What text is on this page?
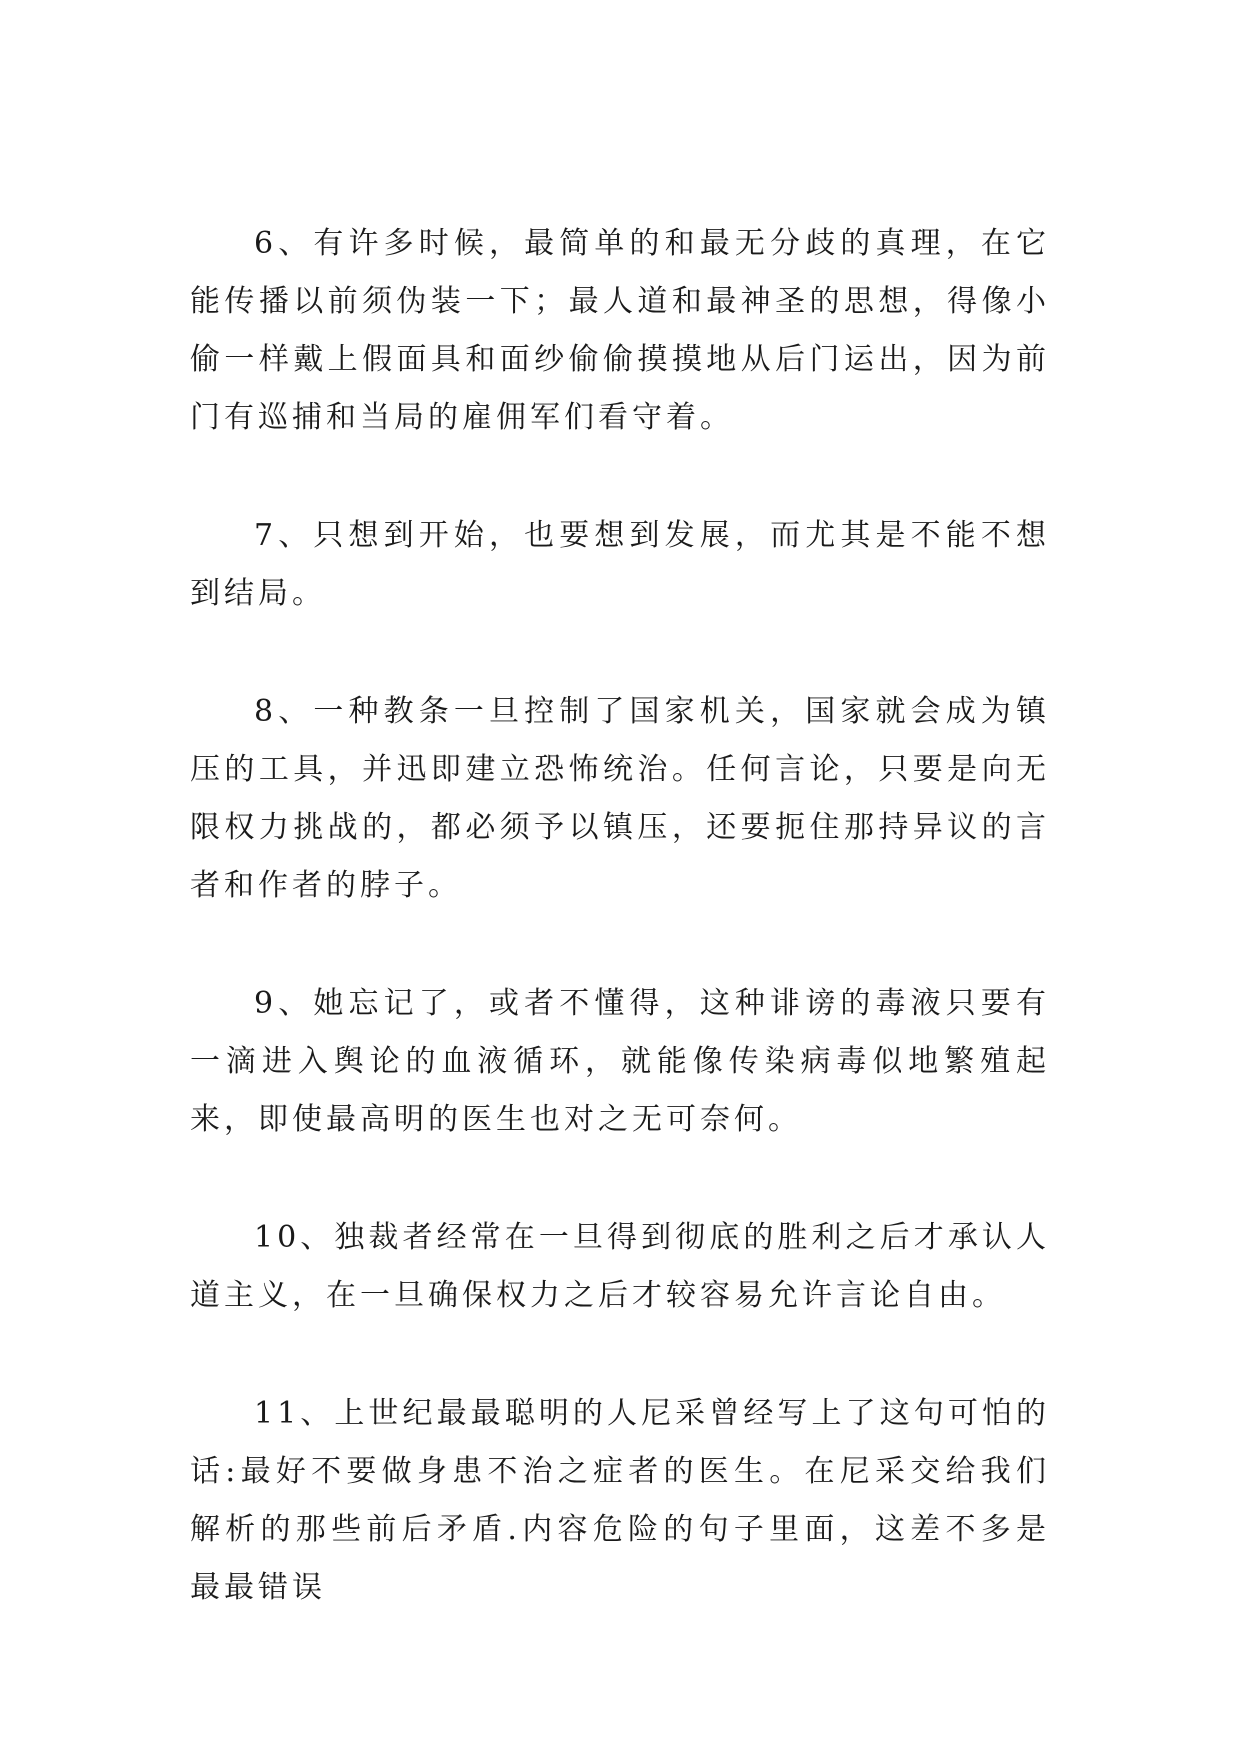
6、有许多时候，最简单的和最无分歧的真理，在它能传播以前须伪装一下；最人道和最神圣的思想，得像小偷一样戴上假面具和面纱偷偷摸摸地从后门运出，因为前门有巡捕和当局的雇佣军们看守着。

7、只想到开始，也要想到发展，而尤其是不能不想到结局。

8、一种教条一旦控制了国家机关，国家就会成为镇压的工具，并迅即建立恐怖统治。任何言论，只要是向无限权力挑战的，都必须予以镇压，还要扼住那持异议的言者和作者的脖子。

9、她忘记了，或者不懂得，这种诽谤的毒液只要有一滴进入舆论的血液循环，就能像传染病毒似地繁殖起来，即使最高明的医生也对之无可奈何。

10、独裁者经常在一旦得到彻底的胜利之后才承认人道主义，在一旦确保权力之后才较容易允许言论自由。

11、上世纪最最聪明的人尼采曾经写上了这句可怕的话:最好不要做身患不治之症者的医生。在尼采交给我们解析的那些前后矛盾.内容危险的句子里面，这差不多是最最错误
